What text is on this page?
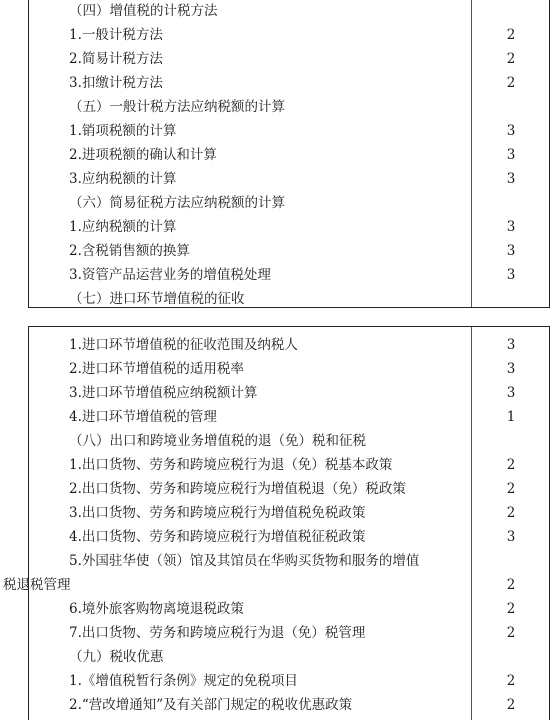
（四）增值税的计税方法
1.一般计税方法	2
2.简易计税方法	2
3.扣缴计税方法	2
（五）一般计税方法应纳税额的计算
1.销项税额的计算	3
2.进项税额的确认和计算	3
3.应纳税额的计算	3
（六）简易征税方法应纳税额的计算
1.应纳税额的计算	3
2.含税销售额的换算	3
3.资管产品运营业务的增值税处理	3
（七）进口环节增值税的征收
1.进口环节增值税的征收范围及纳税人	3
2.进口环节增值税的适用税率	3
3.进口环节增值税应纳税额计算	3
4.进口环节增值税的管理	1
（八）出口和跨境业务增值税的退（免）税和征税
1.出口货物、劳务和跨境应税行为退（免）税基本政策	2
2.出口货物、劳务和跨境应税行为增值税退（免）税政策	2
3.出口货物、劳务和跨境应税行为增值税免税政策	2
4.出口货物、劳务和跨境应税行为增值税征税政策	3
5.外国驻华使（领）馆及其馆员在华购买货物和服务的增值
税退税管理	2
6.境外旅客购物离境退税政策	2
7.出口货物、劳务和跨境应税行为退（免）税管理	2
（九）税收优惠
1.《增值税暂行条例》规定的免税项目	2
2.“营改增通知”及有关部门规定的税收优惠政策	2
